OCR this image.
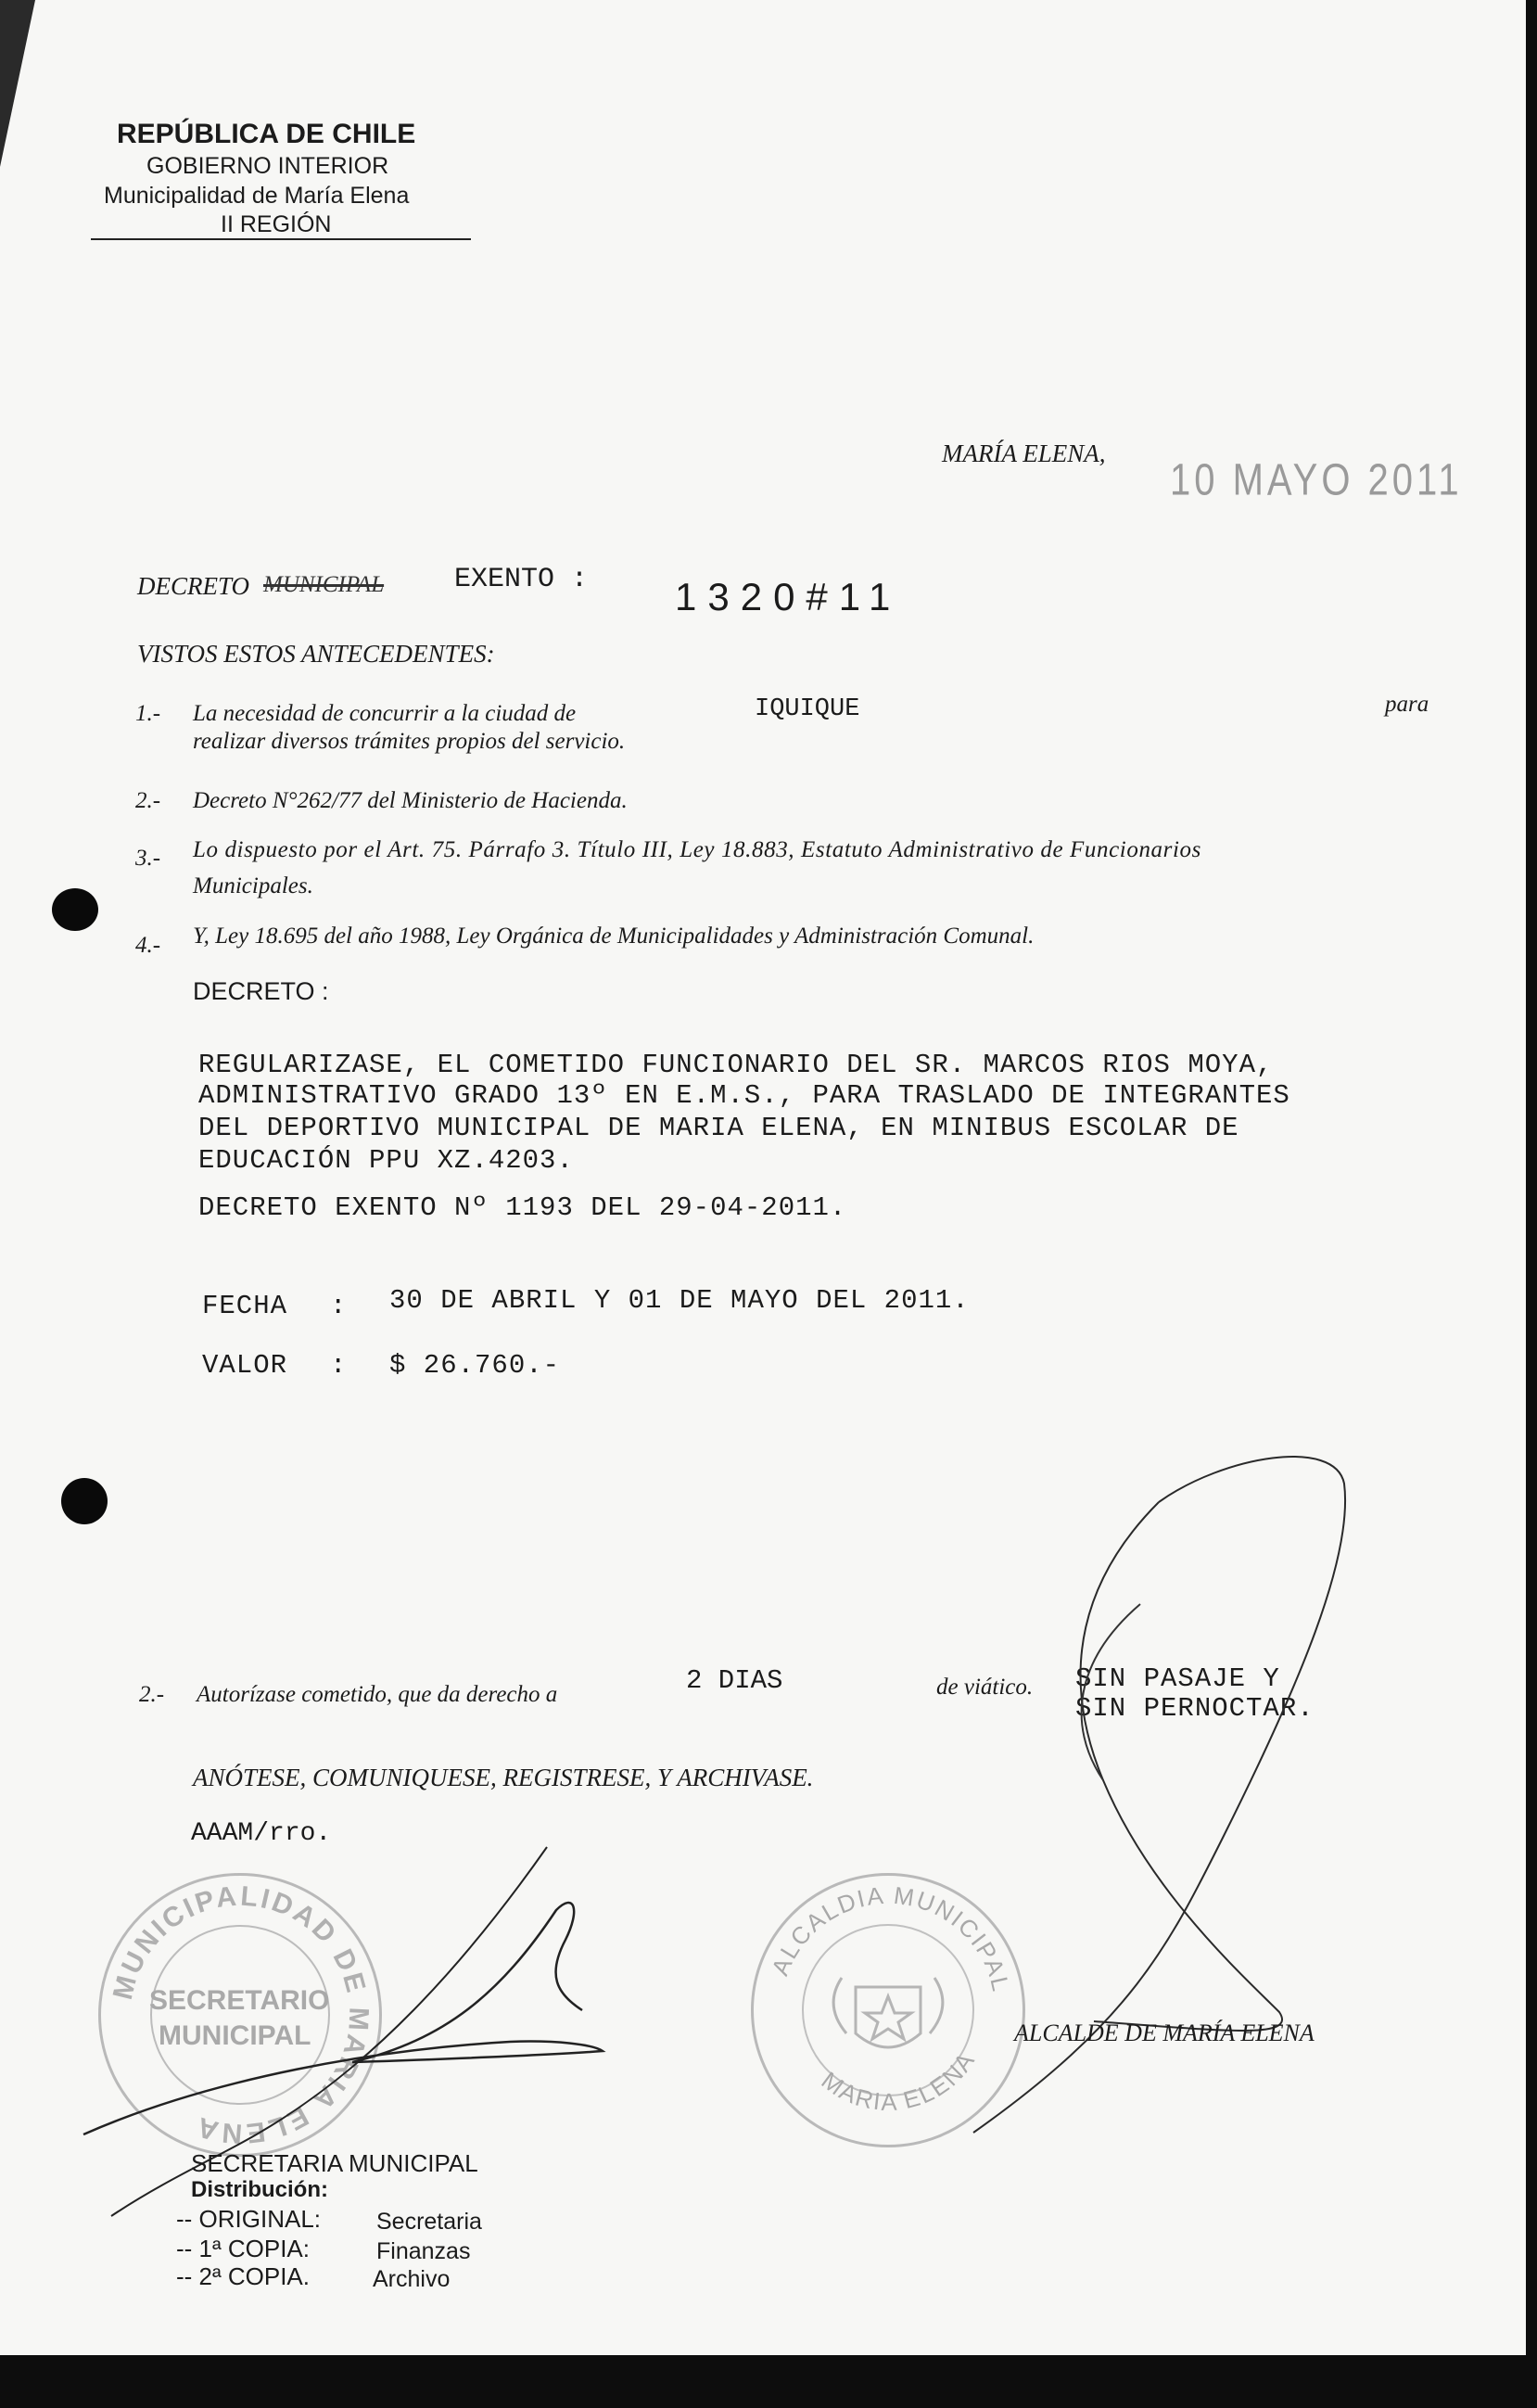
REPÚBLICA DE CHILE
GOBIERNO INTERIOR
Municipalidad de María Elena
II REGIÓN
MARÍA ELENA,
10 MAYO 2011
DECRETO MUNICIPAL	EXENTO : 1320#11
VISTOS ESTOS ANTECEDENTES:
1.- La necesidad de concurrir a la ciudad de	IQUIQUE	para
realizar diversos trámites propios del servicio.
2.- Decreto N°262/77 del Ministerio de Hacienda.
3.- Lo dispuesto por el Art. 75. Párrafo 3. Título III, Ley 18.883, Estatuto Administrativo de Funcionarios
Municipales.
4.- Y, Ley 18.695 del año 1988, Ley Orgánica de Municipalidades y Administración Comunal.
DECRETO :
REGULARIZASE, EL COMETIDO FUNCIONARIO DEL SR. MARCOS RIOS MOYA,
ADMINISTRATIVO GRADO 13º EN E.M.S., PARA TRASLADO DE INTEGRANTES
DEL DEPORTIVO MUNICIPAL DE MARIA ELENA, EN MINIBUS ESCOLAR DE
EDUCACIÓN PPU XZ.4203.
DECRETO EXENTO Nº 1193 DEL 29-04-2011.
FECHA : 30 DE ABRIL Y 01 DE MAYO DEL 2011.
VALOR : $ 26.760.-
2.- Autorízase cometido, que da derecho a	2 DIAS	de viático. SIN PASAJE Y
SIN PERNOCTAR.
ANÓTESE, COMUNIQUESE, REGISTRESE, Y ARCHIVASE.
AAAM/rro.
MUNICIPALIDAD DE MARIA ELENA
SECRETARIO
MUNICIPAL
ALCALDIA MUNICIPAL
MARIA ELENA
ALCALDE DE MARÍA ELENA
SECRETARIA MUNICIPAL
Distribución:
-- ORIGINAL: Secretaria
-- 1ª COPIA:	Finanzas
-- 2ª COPIA.	Archivo
